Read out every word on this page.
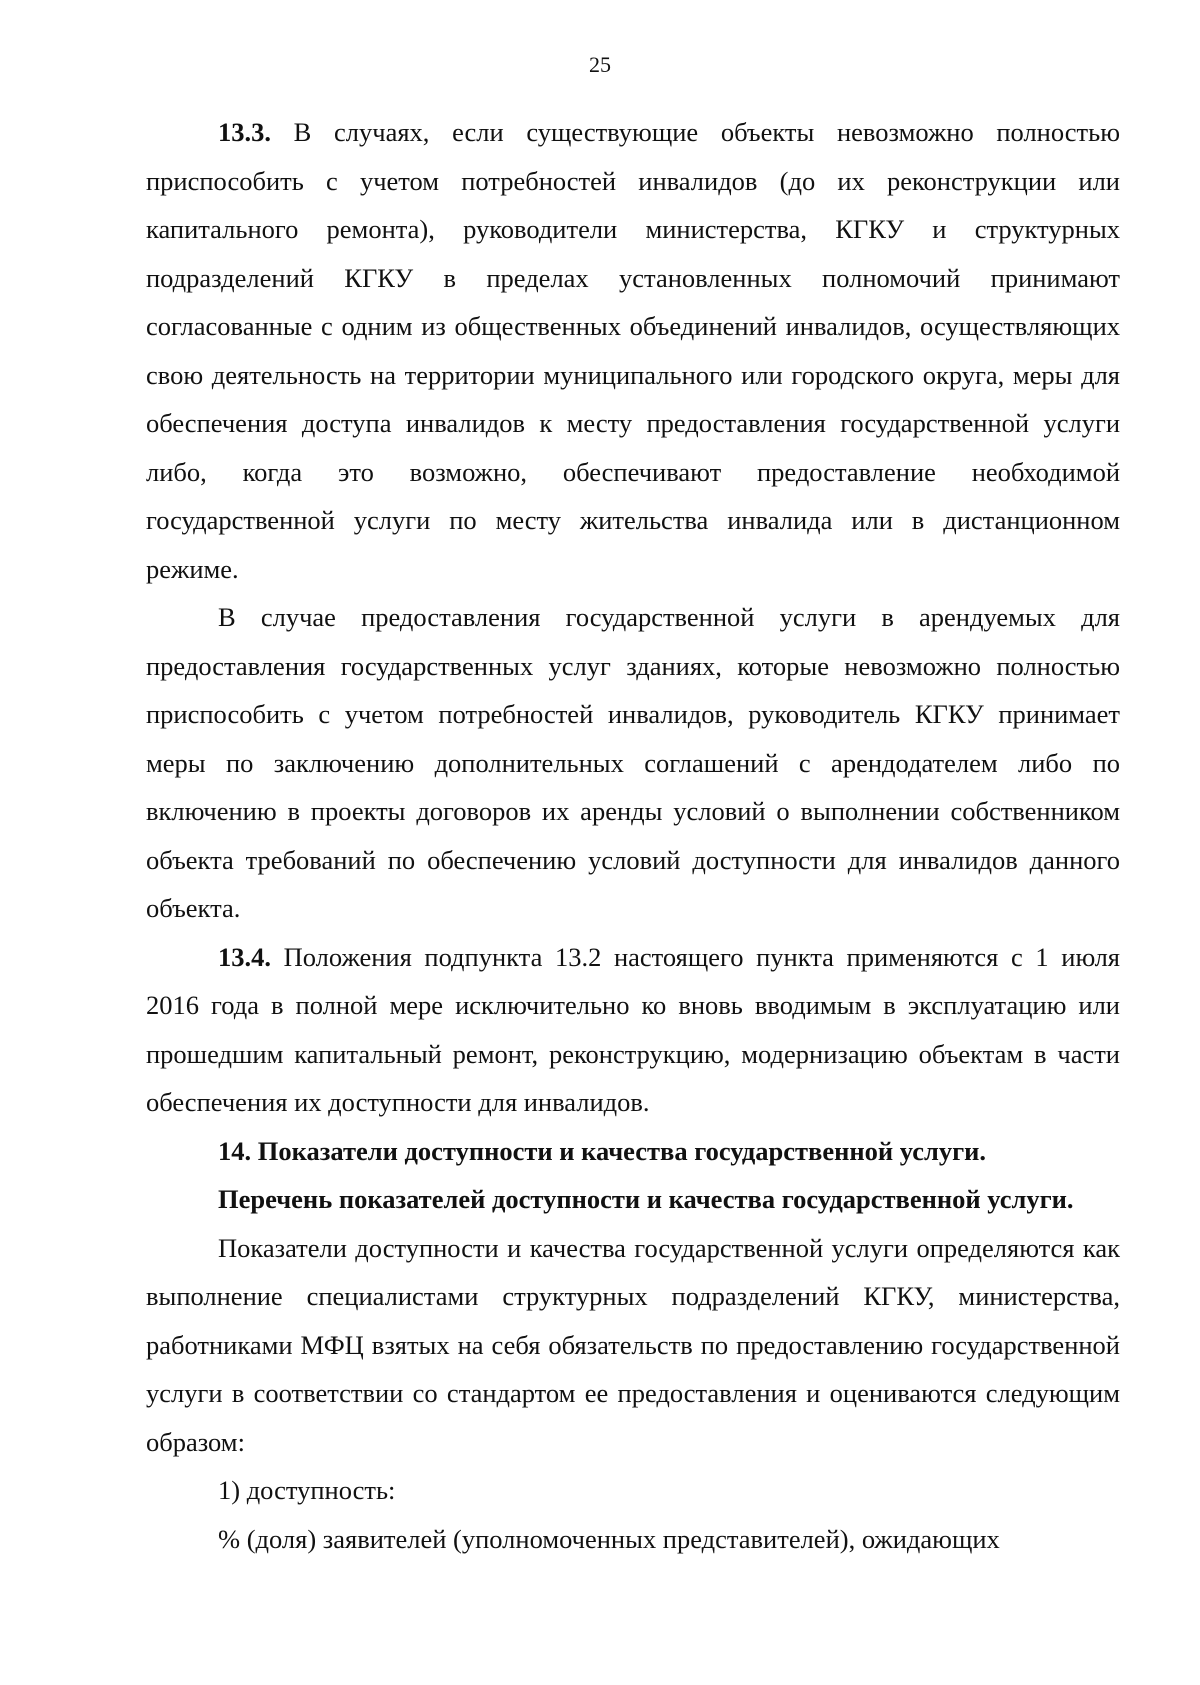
25

13.3. В случаях, если существующие объекты невозможно полностью приспособить с учетом потребностей инвалидов (до их реконструкции или капитального ремонта), руководители министерства, КГКУ и структурных подразделений КГКУ в пределах установленных полномочий принимают согласованные с одним из общественных объединений инвалидов, осуществляющих свою деятельность на территории муниципального или городского округа, меры для обеспечения доступа инвалидов к месту предоставления государственной услуги либо, когда это возможно, обеспечивают предоставление необходимой государственной услуги по месту жительства инвалида или в дистанционном режиме.

В случае предоставления государственной услуги в арендуемых для предоставления государственных услуг зданиях, которые невозможно полностью приспособить с учетом потребностей инвалидов, руководитель КГКУ принимает меры по заключению дополнительных соглашений с арендодателем либо по включению в проекты договоров их аренды условий о выполнении собственником объекта требований по обеспечению условий доступности для инвалидов данного объекта.

13.4. Положения подпункта 13.2 настоящего пункта применяются с 1 июля 2016 года в полной мере исключительно ко вновь вводимым в эксплуатацию или прошедшим капитальный ремонт, реконструкцию, модернизацию объектам в части обеспечения их доступности для инвалидов.

14. Показатели доступности и качества государственной услуги.

Перечень показателей доступности и качества государственной услуги.

Показатели доступности и качества государственной услуги определяются как выполнение специалистами структурных подразделений КГКУ, министерства, работниками МФЦ взятых на себя обязательств по предоставлению государственной услуги в соответствии со стандартом ее предоставления и оцениваются следующим образом:

1) доступность:

% (доля) заявителей (уполномоченных представителей), ожидающих
